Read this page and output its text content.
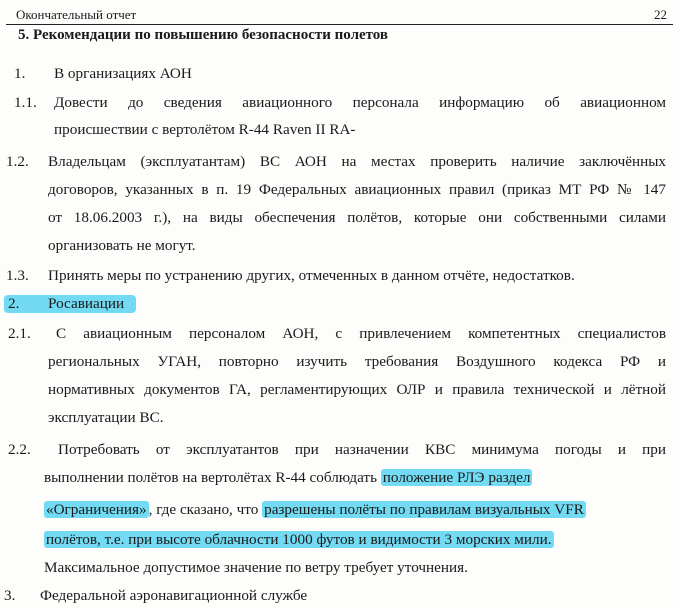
Окончательный отчет	22
5. Рекомендации по повышению безопасности полетов
1. В организациях АОН
1.1. Довести до сведения авиационного персонала информацию об авиационном
происшествии с вертолётом R-44 Raven II RA-
1.2. Владельцам (эксплуатантам) ВС АОН на местах проверить наличие заключённых
договоров, указанных в п. 19 Федеральных авиационных правил (приказ МТ РФ № 147
от 18.06.2003 г.), на виды обеспечения полётов, которые они собственными силами
организовать не могут.
1.3. Принять меры по устранению других, отмеченных в данном отчёте, недостатков.
2. Росавиации
2.1. С авиационным персоналом АОН, с привлечением компетентных специалистов
региональных УГАН, повторно изучить требования Воздушного кодекса РФ и
нормативных документов ГА, регламентирующих ОЛР и правила технической и лётной
эксплуатации ВС.
2.2. Потребовать от эксплуатантов при назначении КВС минимума погоды и при
выполнении полётов на вертолётах R-44 соблюдать положение РЛЭ раздел
«Ограничения» , где сказано, что разрешены полёты по правилам визуальных VFR
полётов, т.е. при высоте облачности 1000 футов и видимости 3 морских мили.
Максимальное допустимое значение по ветру требует уточнения.
3. Федеральной аэронавигационной службе
